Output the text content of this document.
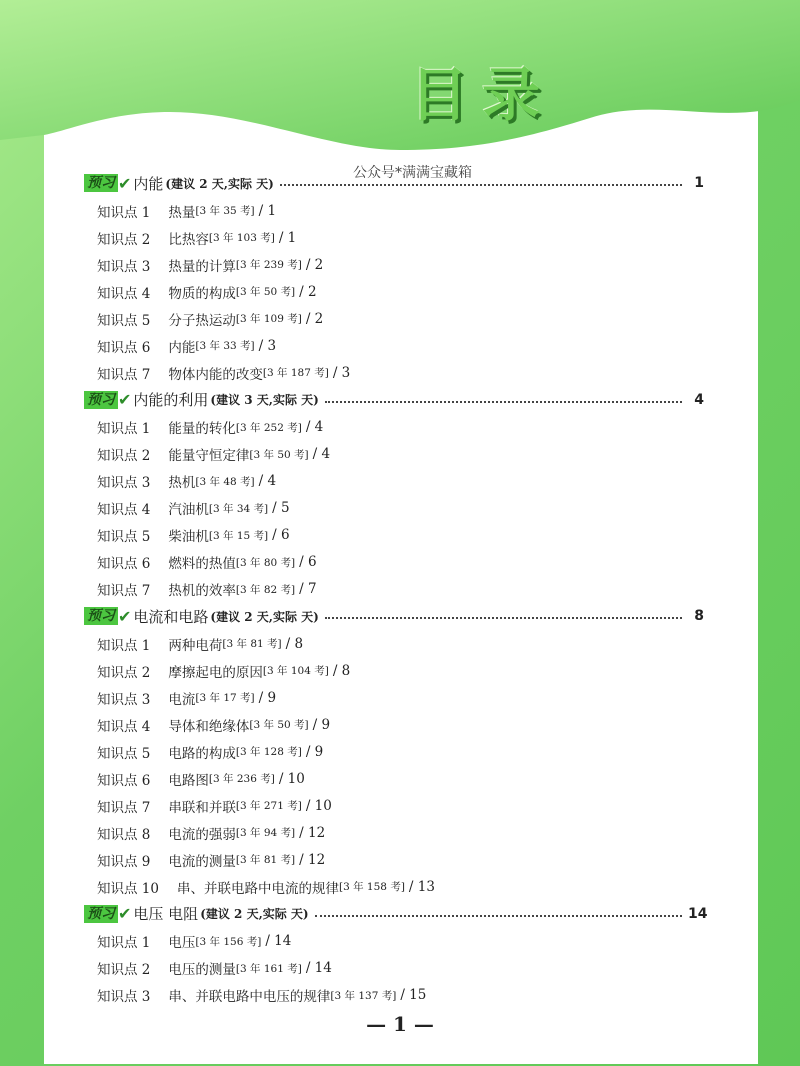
目录
公众号*满满宝藏箱
预习 ✔ 内能 (建议 2 天,实际 天)	1
知识点 1 热量 [3 年 35 考] / 1
知识点 2 比热容 [3 年 103 考] / 1
知识点 3 热量的计算 [3 年 239 考] / 2
知识点 4 物质的构成 [3 年 50 考] / 2
知识点 5 分子热运动 [3 年 109 考] / 2
知识点 6 内能 [3 年 33 考] / 3
知识点 7 物体内能的改变 [3 年 187 考] / 3
预习 ✔ 内能的利用 (建议 3 天,实际 天)	4
知识点 1 能量的转化 [3 年 252 考] / 4
知识点 2 能量守恒定律 [3 年 50 考] / 4
知识点 3 热机 [3 年 48 考] / 4
知识点 4 汽油机 [3 年 34 考] / 5
知识点 5 柴油机 [3 年 15 考] / 6
知识点 6 燃料的热值 [3 年 80 考] / 6
知识点 7 热机的效率 [3 年 82 考] / 7
预习 ✔ 电流和电路 (建议 2 天,实际 天)	8
知识点 1 两种电荷 [3 年 81 考] / 8
知识点 2 摩擦起电的原因 [3 年 104 考] / 8
知识点 3 电流 [3 年 17 考] / 9
知识点 4 导体和绝缘体 [3 年 50 考] / 9
知识点 5 电路的构成 [3 年 128 考] / 9
知识点 6 电路图 [3 年 236 考] / 10
知识点 7 串联和并联 [3 年 271 考] / 10
知识点 8 电流的强弱 [3 年 94 考] / 12
知识点 9 电流的测量 [3 年 81 考] / 12
知识点 10 串、并联电路中电流的规律 [3 年 158 考] / 13
预习 ✔ 电压 电阻 (建议 2 天,实际 天)	14
知识点 1 电压 [3 年 156 考] / 14
知识点 2 电压的测量 [3 年 161 考] / 14
知识点 3 串、并联电路中电压的规律 [3 年 137 考] / 15
— 1 —
